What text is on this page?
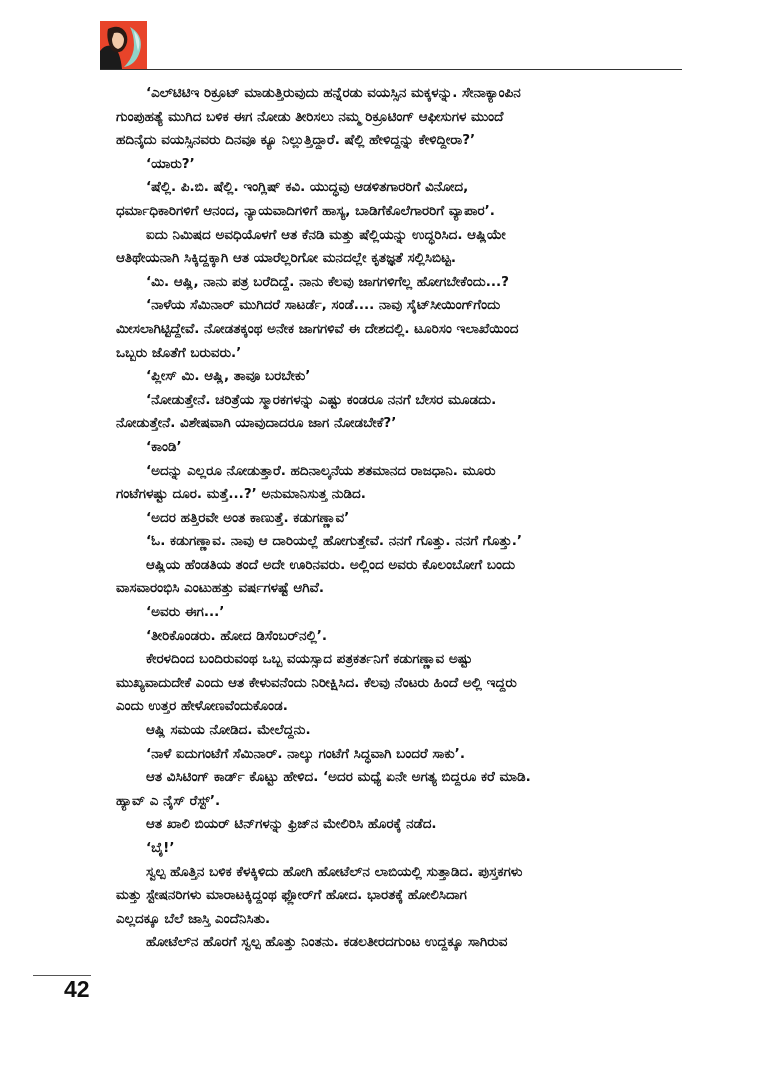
‘ಎಲ್‌ಟಿಟಿಇ ರಿಕ್ರೂಟ್ ಮಾಡುತ್ತಿರುವುದು ಹನ್ನೆರಡು ವಯಸ್ಸಿನ ಮಕ್ಕಳನ್ನು. ಸೇನಾಕ್ಯಾಂಪಿನ

ಗುಂಪುಹತ್ಯೆ ಮುಗಿದ ಬಳಿಕ ಈಗ ನೋಡು ತೀರಿಸಲು ನಮ್ಮ ರಿಕ್ರೂಟಿಂಗ್ ಆಫೀಸುಗಳ ಮುಂದೆ

ಹದಿನೈದು ವಯಸ್ಸಿನವರು ದಿನವೂ ಕ್ಯೂ ನಿಲ್ಲುತ್ತಿದ್ದಾರೆ. ಷೆಲ್ಲಿ ಹೇಳಿದ್ದನ್ನು ಕೇಳಿದ್ದೀರಾ?’

‘ಯಾರು?’

‘ಷೆಲ್ಲಿ. ಪಿ.ಬಿ. ಷೆಲ್ಲಿ. ಇಂಗ್ಲಿಷ್ ಕವಿ. ಯುದ್ಧವು ಆಡಳಿತಗಾರರಿಗೆ ವಿನೋದ,

ಧರ್ಮಾಧಿಕಾರಿಗಳಿಗೆ ಆನಂದ, ನ್ಯಾಯವಾದಿಗಳಿಗೆ ಹಾಸ್ಯ, ಬಾಡಿಗೆಕೊಲೆಗಾರರಿಗೆ ವ್ಯಾಪಾರ’.

ಐದು ನಿಮಿಷದ ಅವಧಿಯೊಳಗೆ ಆತ ಕೆನಡಿ ಮತ್ತು ಷೆಲ್ಲಿಯನ್ನು ಉದ್ಧರಿಸಿದ. ಆಷ್ಲಿಯೇ

ಆತಿಥೇಯನಾಗಿ ಸಿಕ್ಕಿದ್ದಕ್ಕಾಗಿ ಆತ ಯಾರೆಲ್ಲರಿಗೋ ಮನದಲ್ಲೇ ಕೃತಜ್ಞತೆ ಸಲ್ಲಿಸಿಬಿಟ್ಟ.

‘ಮಿ. ಆಷ್ಲಿ, ನಾನು ಪತ್ರ ಬರೆದಿದ್ದೆ. ನಾನು ಕೆಲವು ಜಾಗಗಳಿಗೆಲ್ಲ ಹೋಗಬೇಕೆಂದು...?

‘ನಾಳೆಯ ಸೆಮಿನಾರ್ ಮುಗಿದರೆ ಸಾಟರ್ಡೆ, ಸಂಡೆ.... ನಾವು ಸೈಟ್‌ಸೀಯಿಂಗ್‌ಗೆಂದು

ಮೀಸಲಾಗಿಟ್ಟಿದ್ದೇವೆ. ನೋಡತಕ್ಕಂಥ ಅನೇಕ ಜಾಗಗಳಿವೆ ಈ ದೇಶದಲ್ಲಿ. ಟೂರಿಸಂ ಇಲಾಖೆಯಿಂದ

ಒಬ್ಬರು ಜೊತೆಗೆ ಬರುವರು.’

‘ಪ್ಲೀಸ್ ಮಿ. ಆಷ್ಲಿ, ತಾವೂ ಬರಬೇಕು’

‘ನೋಡುತ್ತೇನೆ. ಚರಿತ್ರೆಯ ಸ್ಮಾರಕಗಳನ್ನು ಎಷ್ಟು ಕಂಡರೂ ನನಗೆ ಬೇಸರ ಮೂಡದು.

ನೋಡುತ್ತೇನೆ. ವಿಶೇಷವಾಗಿ ಯಾವುದಾದರೂ ಜಾಗ ನೋಡಬೇಕೆ?’

‘ಕಾಂಡಿ’

‘ಅದನ್ನು ಎಲ್ಲರೂ ನೋಡುತ್ತಾರೆ. ಹದಿನಾಲ್ಕನೆಯ ಶತಮಾನದ ರಾಜಧಾನಿ. ಮೂರು

ಗಂಟೆಗಳಷ್ಟು ದೂರ. ಮತ್ತೆ...?’ ಅನುಮಾನಿಸುತ್ತ ನುಡಿದ.

‘ಅದರ ಹತ್ತಿರವೇ ಅಂತ ಕಾಣುತ್ತೆ. ಕಡುಗಣ್ಣಾವ’

‘ಓ. ಕಡುಗಣ್ಣಾವ. ನಾವು ಆ ದಾರಿಯಲ್ಲೆ ಹೋಗುತ್ತೇವೆ. ನನಗೆ ಗೊತ್ತು. ನನಗೆ ಗೊತ್ತು.’

ಆಷ್ಲಿಯ ಹೆಂಡತಿಯ ತಂದೆ ಅದೇ ಊರಿನವರು. ಅಲ್ಲಿಂದ ಅವರು ಕೊಲಂಬೋಗೆ ಬಂದು

ವಾಸವಾರಂಭಿಸಿ ಎಂಟುಹತ್ತು ವರ್ಷಗಳಷ್ಟೆ ಆಗಿವೆ.

‘ಅವರು ಈಗ...’

‘ತೀರಿಕೊಂಡರು. ಹೋದ ಡಿಸೆಂಬರ್‌ನಲ್ಲಿ’.

ಕೇರಳದಿಂದ ಬಂದಿರುವಂಥ ಒಬ್ಬ ವಯಸ್ಸಾದ ಪತ್ರಕರ್ತನಿಗೆ ಕಡುಗಣ್ಣಾವ ಅಷ್ಟು

ಮುಖ್ಯವಾದುದೇಕೆ ಎಂದು ಆತ ಕೇಳುವನೆಂದು ನಿರೀಕ್ಷಿಸಿದ. ಕೆಲವು ನೆಂಟರು ಹಿಂದೆ ಅಲ್ಲಿ ಇದ್ದರು

ಎಂದು ಉತ್ತರ ಹೇಳೋಣವೆಂದುಕೊಂಡ.

ಆಷ್ಲಿ ಸಮಯ ನೋಡಿದ. ಮೇಲೆದ್ದನು.

‘ನಾಳೆ ಐದುಗಂಟೆಗೆ ಸೆಮಿನಾರ್. ನಾಲ್ಕು ಗಂಟೆಗೆ ಸಿದ್ಧವಾಗಿ ಬಂದರೆ ಸಾಕು’.

ಆತ ವಿಸಿಟಿಂಗ್ ಕಾರ್ಡ್ ಕೊಟ್ಟು ಹೇಳಿದ. ‘ಅದರ ಮಧ್ಯೆ ಏನೇ ಅಗತ್ಯ ಬಿದ್ದರೂ ಕರೆ ಮಾಡಿ.

ಹ್ಯಾವ್ ಎ ನೈಸ್ ರೆಸ್ಟ್’.

ಆತ ಖಾಲಿ ಬಿಯರ್ ಟಿನ್‌ಗಳನ್ನು ಫ್ರಿಜ್‌ನ ಮೇಲಿರಿಸಿ ಹೊರಕ್ಕೆ ನಡೆದ.

‘ಬೈ!’

ಸ್ವಲ್ಪ ಹೊತ್ತಿನ ಬಳಿಕ ಕೆಳಕ್ಕಿಳಿದು ಹೋಗಿ ಹೋಟೆಲ್‌ನ ಲಾಬಿಯಲ್ಲಿ ಸುತ್ತಾಡಿದ. ಪುಸ್ತಕಗಳು

ಮತ್ತು ಸ್ಟೇಷನರಿಗಳು ಮಾರಾಟಕ್ಕಿದ್ದಂಥ ಫ್ಲೋರ್‌ಗೆ ಹೋದ. ಭಾರತಕ್ಕೆ ಹೋಲಿಸಿದಾಗ

ಎಲ್ಲದಕ್ಕೂ ಬೆಲೆ ಜಾಸ್ತಿ ಎಂದೆನಿಸಿತು.

ಹೋಟೆಲ್‌ನ ಹೊರಗೆ ಸ್ವಲ್ಪ ಹೊತ್ತು ನಿಂತನು. ಕಡಲತೀರದಗುಂಟ ಉದ್ದಕ್ಕೂ ಸಾಗಿರುವ

42
